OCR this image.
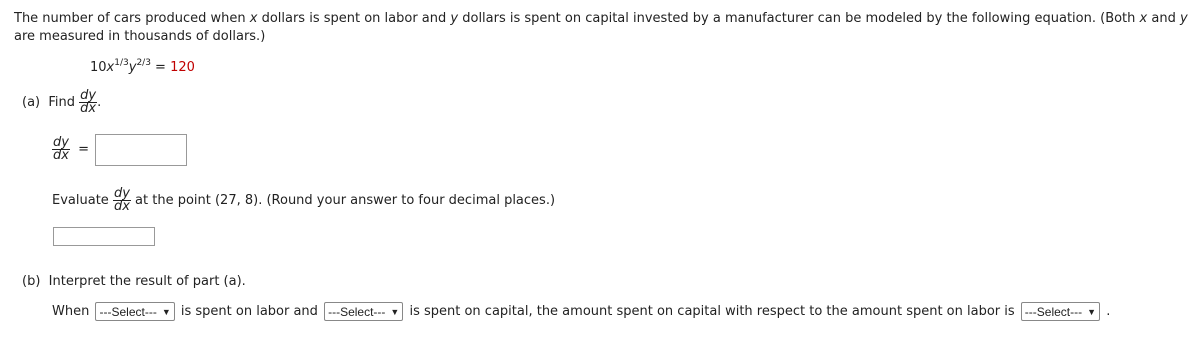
The number of cars produced when x dollars is spent on labor and y dollars is spent on capital invested by a manufacturer can be modeled by the following equation. (Both x and y are measured in thousands of dollars.)
$10x^{1/3}y^{2/3} = 120$
(a) Find $\frac{dy}{dx}$ .
$\frac{dy}{dx}$ =
Evaluate $\frac{dy}{dx}$ at the point (27, 8). (Round your answer to four decimal places.)
(b) Interpret the result of part (a).
When ---Select--- ▼ is spent on labor and ---Select--- ▼ is spent on capital, the amount spent on capital with respect to the amount spent on labor is ---Select--- ▼ .
